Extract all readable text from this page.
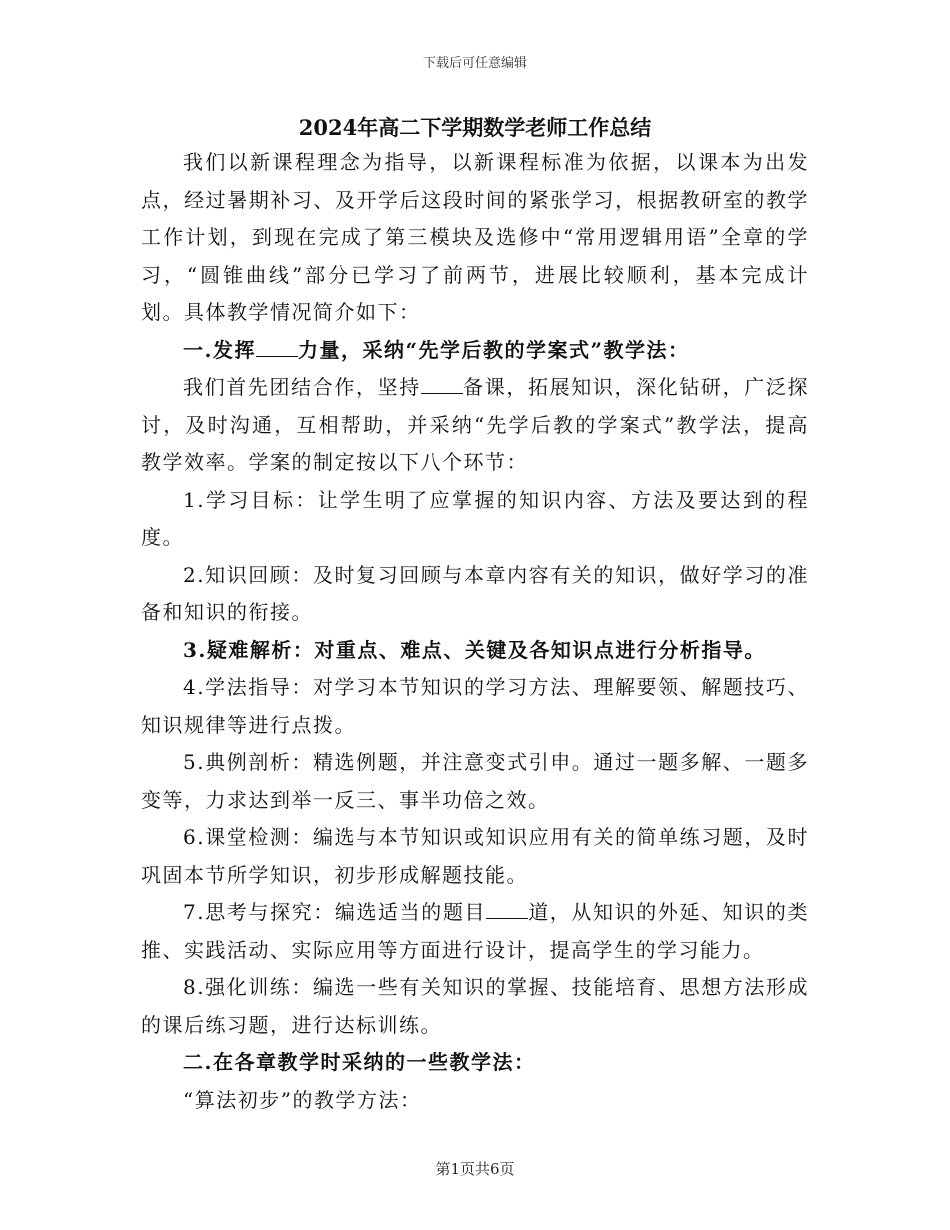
下载后可任意编辑
2024年高二下学期数学老师工作总结

我们以新课程理念为指导，以新课程标准为依据，以课本为出发点，经过暑期补习、及开学后这段时间的紧张学习，根据教研室的教学工作计划，到现在完成了第三模块及选修中“常用逻辑用语”全章的学习，“圆锥曲线”部分已学习了前两节，进展比较顺利，基本完成计划。具体教学情况简介如下：

一.发挥 力量，采纳“先学后教的学案式”教学法：

我们首先团结合作，坚持 备课，拓展知识，深化钻研，广泛探讨，及时沟通，互相帮助，并采纳“先学后教的学案式”教学法，提高教学效率。学案的制定按以下八个环节：

1.学习目标：让学生明了应掌握的知识内容、方法及要达到的程度。

2.知识回顾：及时复习回顾与本章内容有关的知识，做好学习的准备和知识的衔接。

3.疑难解析：对重点、难点、关键及各知识点进行分析指导。

4.学法指导：对学习本节知识的学习方法、理解要领、解题技巧、知识规律等进行点拨。

5.典例剖析：精选例题，并注意变式引申。通过一题多解、一题多变等，力求达到举一反三、事半功倍之效。

6.课堂检测：编选与本节知识或知识应用有关的简单练习题，及时巩固本节所学知识，初步形成解题技能。

7.思考与探究：编选适当的题目 道，从知识的外延、知识的类推、实践活动、实际应用等方面进行设计，提高学生的学习能力。

8.强化训练：编选一些有关知识的掌握、技能培育、思想方法形成的课后练习题，进行达标训练。

二.在各章教学时采纳的一些教学法：

“算法初步”的教学方法：

第1页共6页
